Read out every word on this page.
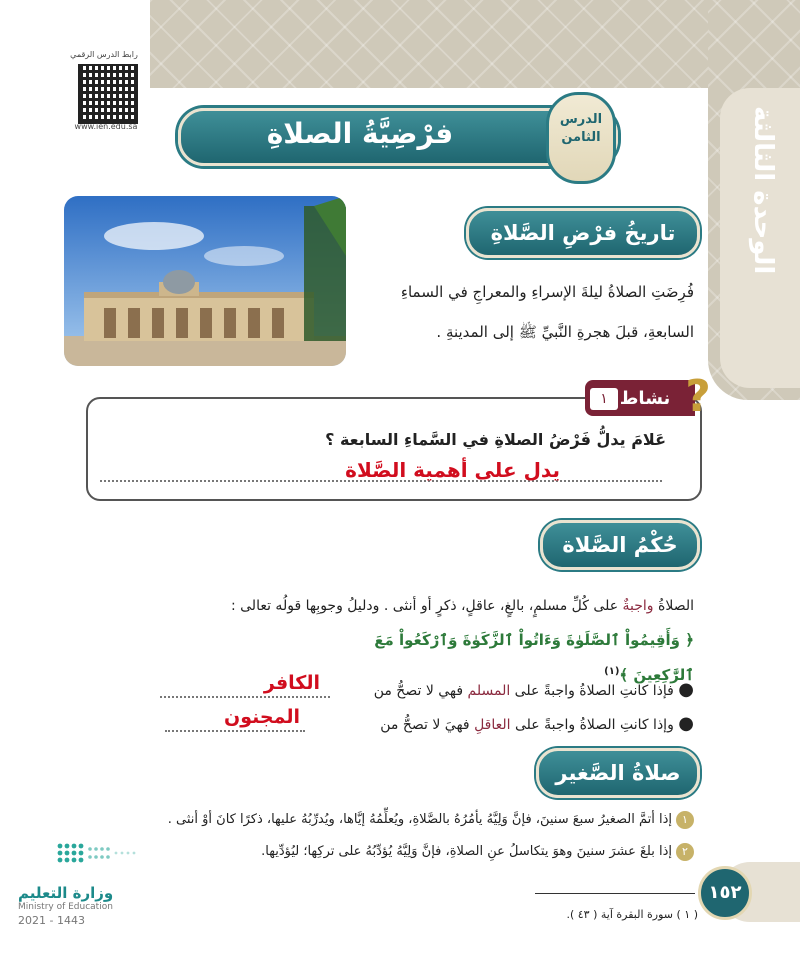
الوحدة الثالثة
رابط الدرس الرقمي
www.ien.edu.sa	فرْضِيَّةُ الصلاةِ	الدرس
الثامن
تاريخُ فرْضِ الصَّلاةِ
فُرِضَتِ الصلاةُ ليلةَ الإسراءِ والمعراجِ في السماءِ
السابعةِ، قبلَ هجرةِ النَّبيِّ ﷺ إلى المدينةِ .
نشاط
١ ?
عَلامَ يدلُّ فَرْضُ الصلاةِ في السَّماءِ السابعة ؟
يدل على أهمية الصَّلاة
حُكْمُ الصَّلاة
الصلاةُ واجبةٌ على كُلِّ مسلمٍ، بالغٍ، عاقلٍ، ذكرٍ أو أنثى . ودليلُ وجوبِها قولُه تعالى :
﴿ وَأَقِيمُواْ ٱلصَّلَوٰةَ وَءَاتُواْ ٱلزَّكَوٰةَ وَٱرْكَعُواْ مَعَ ٱلرَّٰكِعِينَ ﴾$^{(١)}$
● فإذا كانتِ الصلاةُ واجبةً على المسلم فهي لا تصحُّ من
الكافر
● وإذا كانتِ الصلاةُ واجبةً على العاقلِ فهيَ لا تصحُّ من
المجنون
صلاةُ الصَّغير
١إذا أتمَّ الصغيرُ سبعَ سنينَ، فإنَّ وَلِيَّهُ يأمُرُهُ بالصَّلاةِ، ويُعلِّمُهُ إيَّاها، ويُدرِّبُهُ عليها، ذكرًا كانَ أوْ أنثى .
٢إذا بلغَ عشرَ سنينَ وهوَ يتكاسلُ عنِ الصلاةِ، فإنَّ وَلِيَّهُ يُؤدِّبُهُ على تركِها؛ ليُؤدِّيها.
( ١ ) سورة البقرة آية ( ٤٣ ).
١٥٢
وزارة التعليم
Ministry of Education
2021 - 1443
